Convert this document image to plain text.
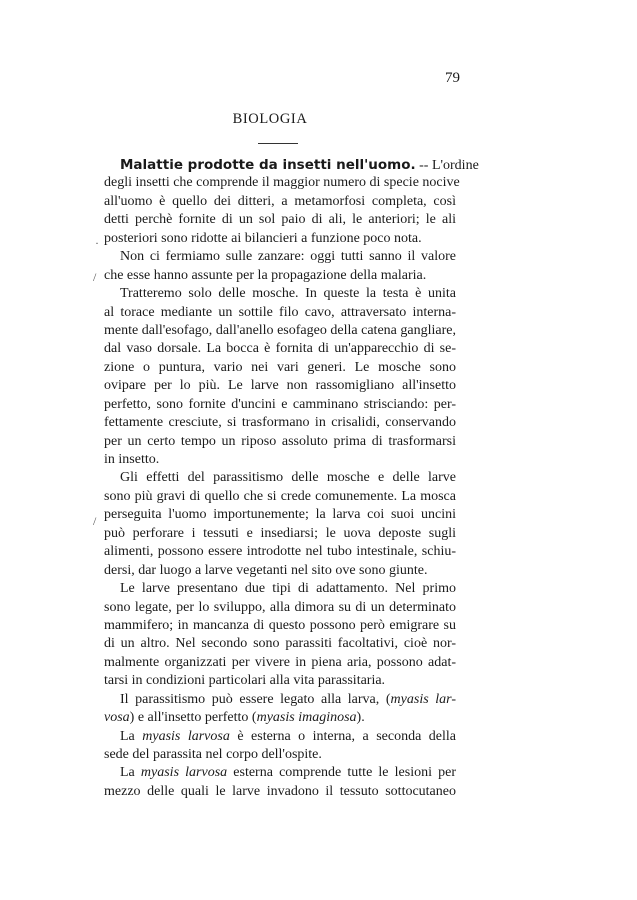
79
BIOLOGIA
Malattie prodotte da insetti nell'uomo. -- L'ordine
degli insetti che comprende il maggior numero di specie nocive
all'uomo è quello dei ditteri, a metamorfosi completa, così
detti perchè fornite di un sol paio di ali, le anteriori; le ali
posteriori sono ridotte ai bilancieri a funzione poco nota.
Non ci fermiamo sulle zanzare: oggi tutti sanno il valore
che esse hanno assunte per la propagazione della malaria.
Tratteremo solo delle mosche. In queste la testa è unita
al torace mediante un sottile filo cavo, attraversato interna-
mente dall'esofago, dall'anello esofageo della catena gangliare,
dal vaso dorsale. La bocca è fornita di un'apparecchio di se-
zione o puntura, vario nei vari generi. Le mosche sono
ovipare per lo più. Le larve non rassomigliano all'insetto
perfetto, sono fornite d'uncini e camminano strisciando: per-
fettamente cresciute, si trasformano in crisalidi, conservando
per un certo tempo un riposo assoluto prima di trasformarsi
in insetto.
Gli effetti del parassitismo delle mosche e delle larve
sono più gravi di quello che si crede comunemente. La mosca
perseguita l'uomo importunemente; la larva coi suoi uncini
può perforare i tessuti e insediarsi; le uova deposte sugli
alimenti, possono essere introdotte nel tubo intestinale, schiu-
dersi, dar luogo a larve vegetanti nel sito ove sono giunte.
Le larve presentano due tipi di adattamento. Nel primo
sono legate, per lo sviluppo, alla dimora su di un determinato
mammifero; in mancanza di questo possono però emigrare su
di un altro. Nel secondo sono parassiti facoltativi, cioè nor-
malmente organizzati per vivere in piena aria, possono adat-
tarsi in condizioni particolari alla vita parassitaria.
Il parassitismo può essere legato alla larva, (myasis lar-
vosa) e all'insetto perfetto (myasis imaginosa).
La myasis larvosa è esterna o interna, a seconda della
sede del parassita nel corpo dell'ospite.
La myasis larvosa esterna comprende tutte le lesioni per
mezzo delle quali le larve invadono il tessuto sottocutaneo
·
/
/
